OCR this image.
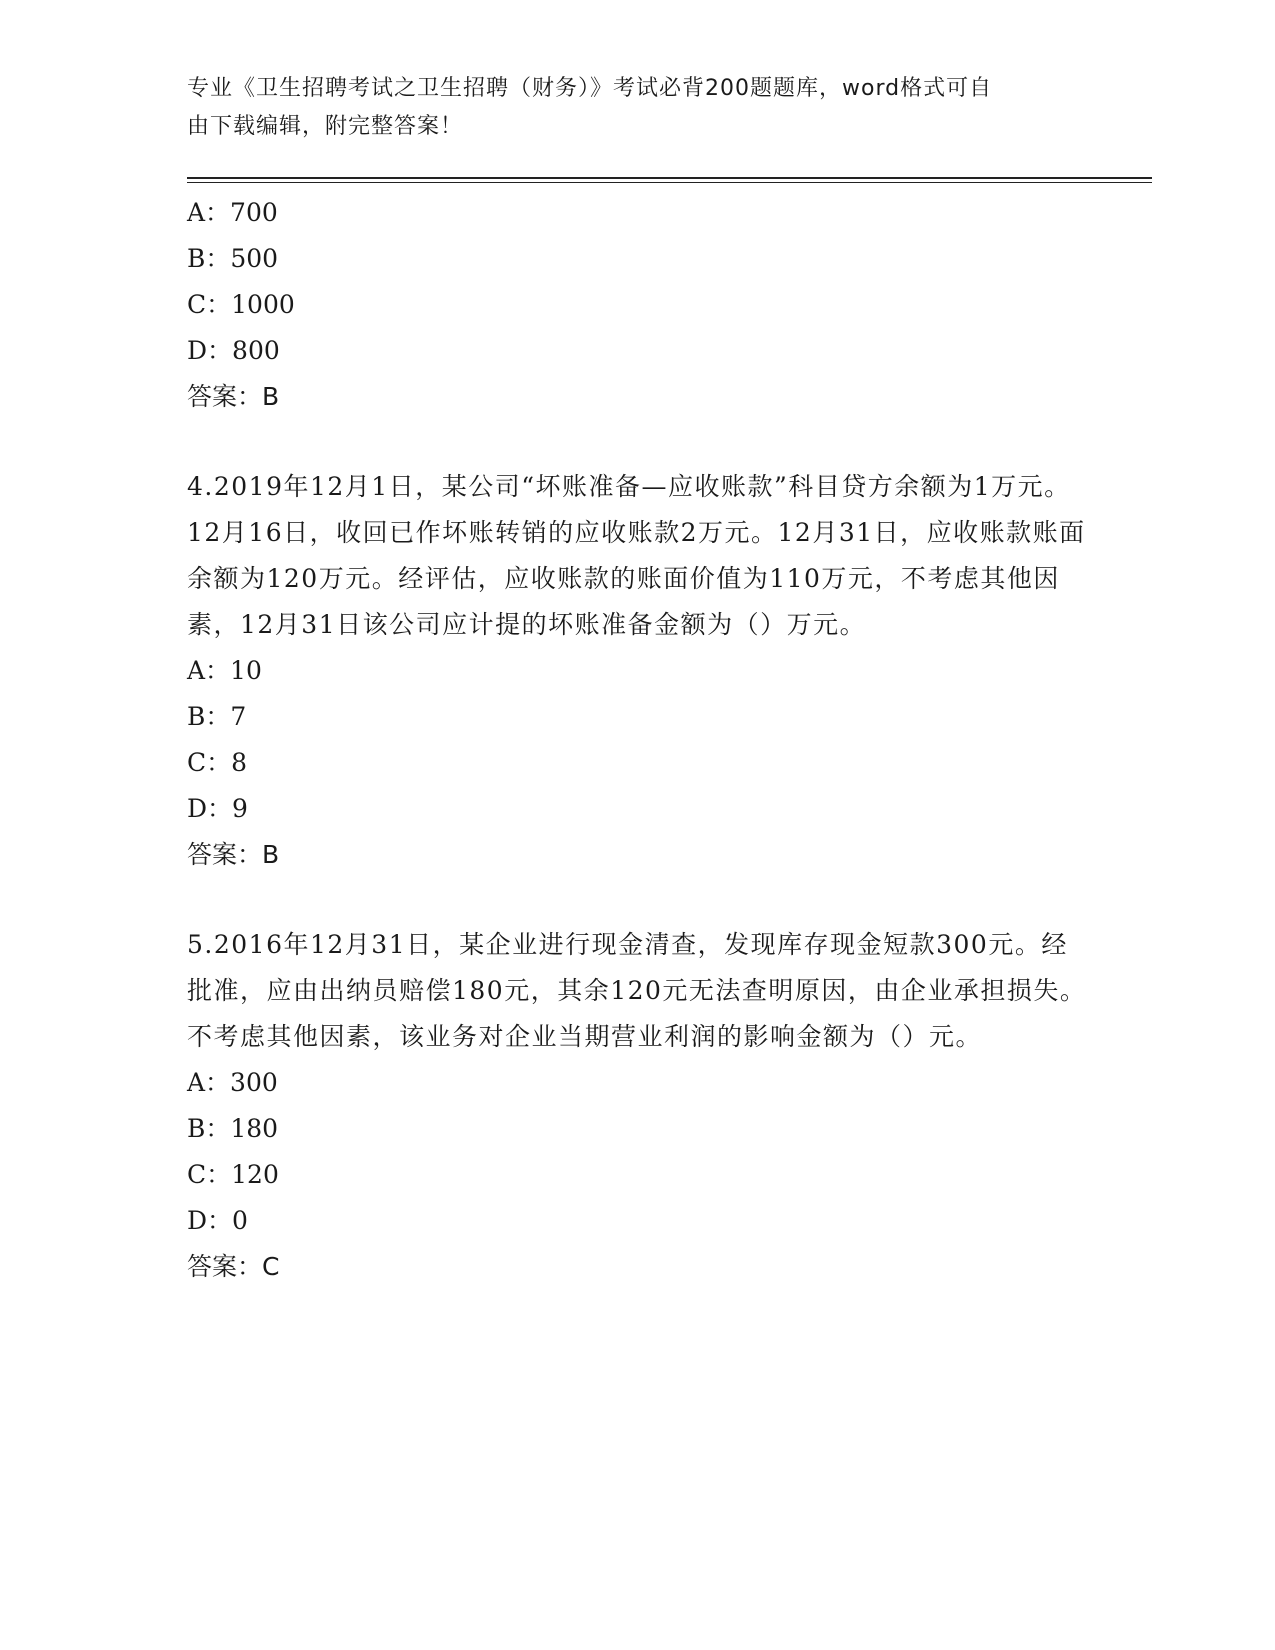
专业《卫生招聘考试之卫生招聘（财务）》考试必背200题题库，word格式可自
由下载编辑，附完整答案！
A：700
B：500
C：1000
D：800
答案：B
4.2019年12月1日，某公司“坏账准备—应收账款”科目贷方余额为1万元。12月16日，收回已作坏账转销的应收账款2万元。12月31日，应收账款账面余额为120万元。经评估，应收账款的账面价值为110万元，不考虑其他因素，12月31日该公司应计提的坏账准备金额为（）万元。
A：10
B：7
C：8
D：9
答案：B
5.2016年12月31日，某企业进行现金清查，发现库存现金短款300元。经批准，应由出纳员赔偿180元，其余120元无法查明原因，由企业承担损失。不考虑其他因素，该业务对企业当期营业利润的影响金额为（）元。
A：300
B：180
C：120
D：0
答案：C
